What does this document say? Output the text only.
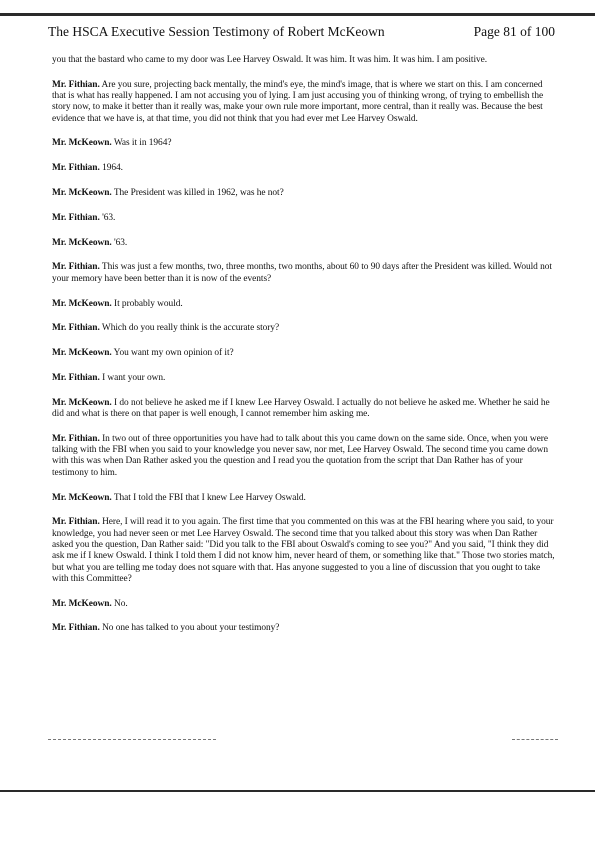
The HSCA Executive Session Testimony of Robert McKeown	Page 81 of 100

you that the bastard who came to my door was Lee Harvey Oswald. It was him. It was him. It was him. I am positive.

Mr. Fithian. Are you sure, projecting back mentally, the mind's eye, the mind's image, that is where we start on this. I am concerned that is what has really happened. I am not accusing you of lying. I am just accusing you of thinking wrong, of trying to embellish the story now, to make it better than it really was, make your own rule more important, more central, than it really was. Because the best evidence that we have is, at that time, you did not think that you had ever met Lee Harvey Oswald.

Mr. McKeown. Was it in 1964?

Mr. Fithian. 1964.

Mr. McKeown. The President was killed in 1962, was he not?

Mr. Fithian. '63.

Mr. McKeown. '63.

Mr. Fithian. This was just a few months, two, three months, two months, about 60 to 90 days after the President was killed. Would not your memory have been better than it is now of the events?

Mr. McKeown. It probably would.

Mr. Fithian. Which do you really think is the accurate story?

Mr. McKeown. You want my own opinion of it?

Mr. Fithian. I want your own.

Mr. McKeown. I do not believe he asked me if I knew Lee Harvey Oswald. I actually do not believe he asked me. Whether he said he did and what is there on that paper is well enough, I cannot remember him asking me.

Mr. Fithian. In two out of three opportunities you have had to talk about this you came down on the same side. Once, when you were talking with the FBI when you said to your knowledge you never saw, nor met, Lee Harvey Oswald. The second time you came down with this was when Dan Rather asked you the question and I read you the quotation from the script that Dan Rather has of your testimony to him.

Mr. McKeown. That I told the FBI that I knew Lee Harvey Oswald.

Mr. Fithian. Here, I will read it to you again. The first time that you commented on this was at the FBI hearing where you said, to your knowledge, you had never seen or met Lee Harvey Oswald. The second time that you talked about this story was when Dan Rather asked you the question, Dan Rather said: "Did you talk to the FBI about Oswald's coming to see you?" And you said, "I think they did ask me if I knew Oswald. I think I told them I did not know him, never heard of them, or something like that." Those two stories match, but what you are telling me today does not square with that. Has anyone suggested to you a line of discussion that you ought to take with this Committee?

Mr. McKeown. No.

Mr. Fithian. No one has talked to you about your testimony?
